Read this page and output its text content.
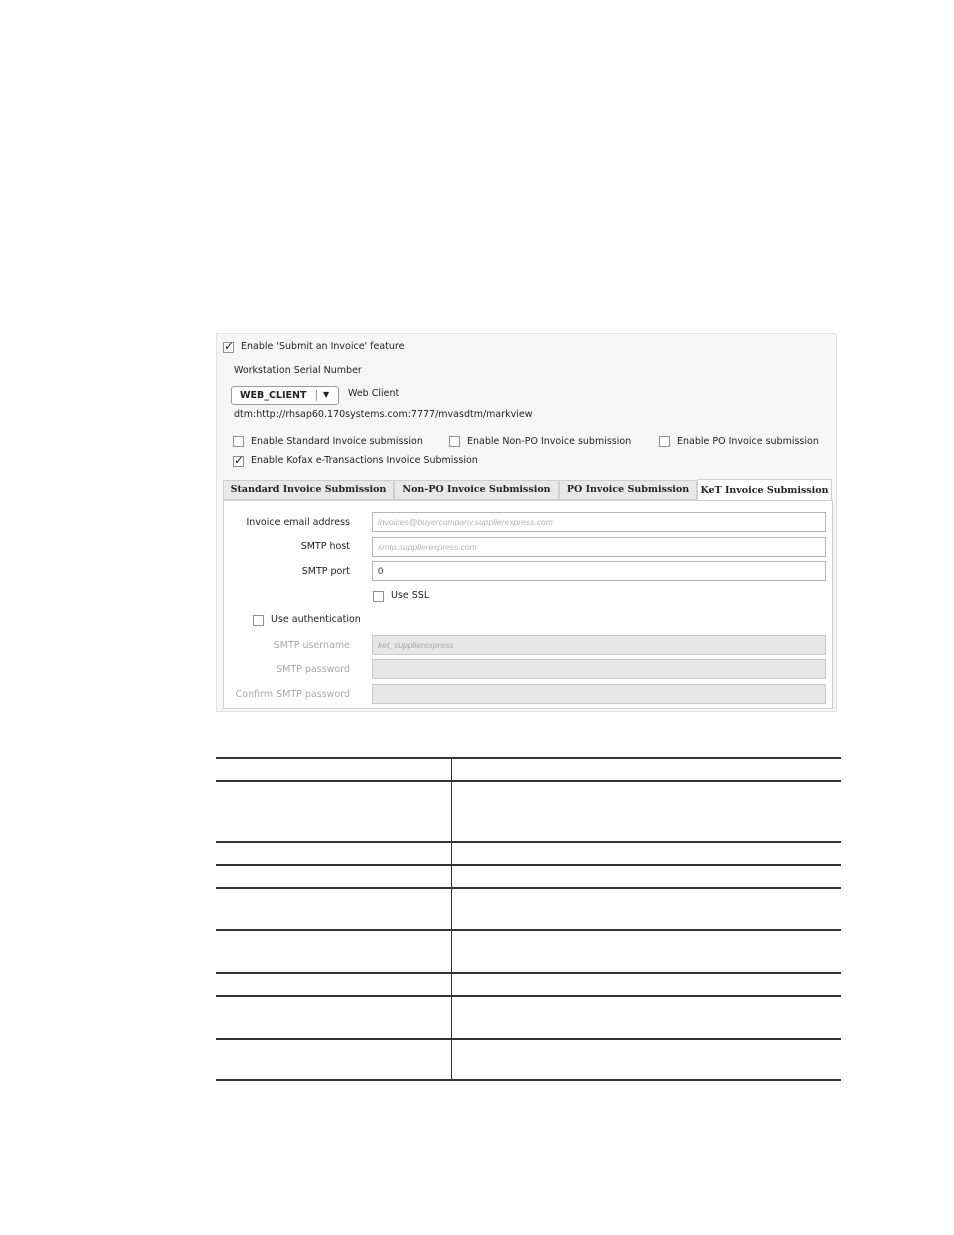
✓ Enable 'Submit an Invoice' feature
Workstation Serial Number
WEB_CLIENT ▼ Web Client
dtm:http://rhsap60.170systems.com:7777/mvasdtm/markview
Enable Standard Invoice submission	Enable Non-PO Invoice submission	Enable PO Invoice submission
✓ Enable Kofax e-Transactions Invoice Submission
Standard Invoice Submission	Non-PO Invoice Submission	PO Invoice Submission	KeT Invoice Submission
Invoice email address
invoices@buyercompany.supplierexpress.com
SMTP host
smtp.supplierexpress.com
SMTP port
0
Use SSL
Use authentication
SMTP username
ket_supplierexpress
SMTP password
Confirm SMTP password
